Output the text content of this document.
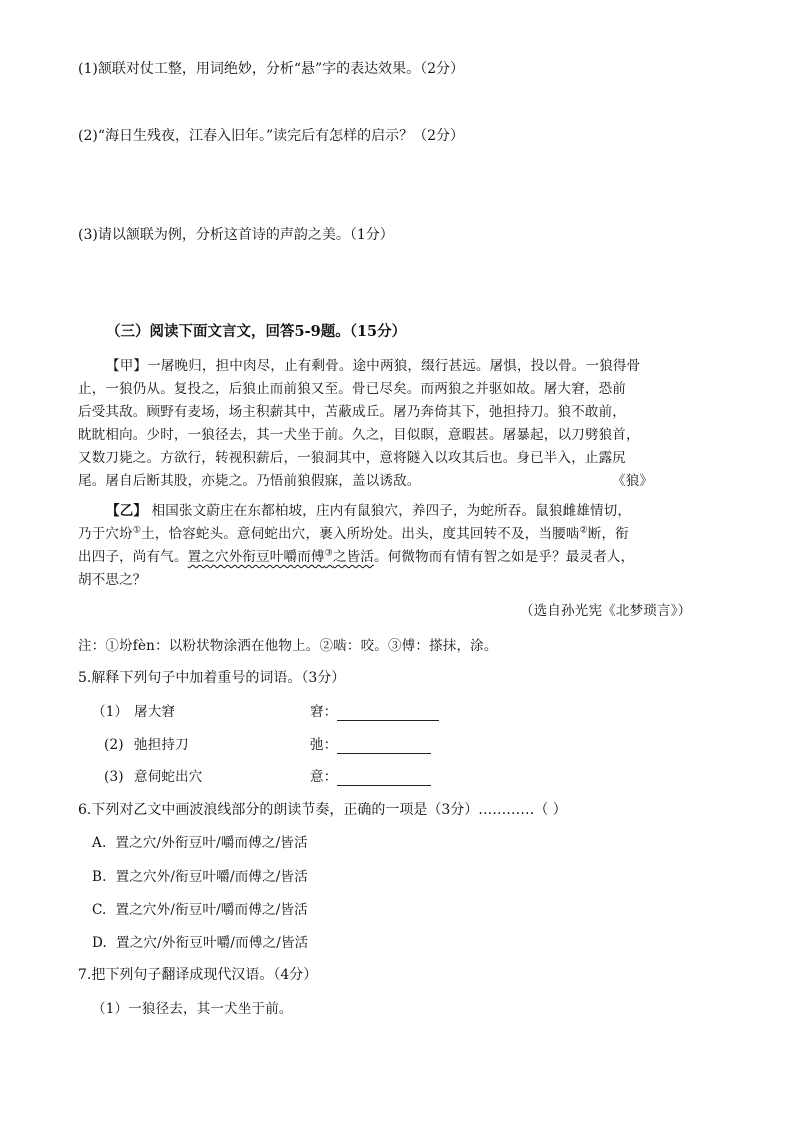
(1)颔联对仗工整，用词绝妙，分析“悬”字的表达效果。（2分）
(2)“海日生残夜，江春入旧年。”读完后有怎样的启示？（2分）
(3)请以颔联为例，分析这首诗的声韵之美。（1分）
（三）阅读下面文言文，回答5-9题。（15分）
【甲】一屠晚归，担中肉尽，止有剩骨。途中两狼，缀行甚远。屠惧，投以骨。一狼得骨
止，一狼仍从。复投之，后狼止而前狼又至。骨已尽矣。而两狼之并驱如故。屠大窘，恐前
后受其敌。顾野有麦场，场主积薪其中，苫蔽成丘。屠乃奔倚其下，弛担持刀。狼不敢前，
眈眈相向。少时，一狼径去，其一犬坐于前。久之，目似瞑，意暇甚。屠暴起，以刀劈狼首，
又数刀毙之。方欲行，转视积薪后，一狼洞其中，意将隧入以攻其后也。身已半入，止露尻
尾。屠自后断其股，亦毙之。乃悟前狼假寐，盖以诱敌。	《狼》
【乙】 相国张文蔚庄在东都柏坡，庄内有鼠狼穴，养四子，为蛇所吞。鼠狼雌雄情切，
乃于穴坋①土，恰容蛇头。意伺蛇出穴，裹入所坋处。出头，度其回转不及，当腰啮②断，衔
出四子，尚有气。置之穴外衔豆叶嚼而傅③之皆活。何微物而有情有智之如是乎？最灵者人，
胡不思之？
（选自孙光宪《北梦琐言》）
注：①坋fèn：以粉状物涂洒在他物上。②啮：咬。③傅：搽抹，涂。
5.解释下列句子中加着重号的词语。（3分）
（1） 屠大窘	窘：
(2) 弛担持刀	弛：
(3) 意伺蛇出穴	意：
6.下列对乙文中画波浪线部分的朗读节奏，正确的一项是（3分）…………（ ）
A. 置之穴/外衔豆叶/嚼而傅之/皆活
B. 置之穴外/衔豆叶嚼/而傅之/皆活
C. 置之穴外/衔豆叶/嚼而傅之/皆活
D. 置之穴/外衔豆叶嚼/而傅之/皆活
7.把下列句子翻译成现代汉语。（4分）
（1）一狼径去，其一犬坐于前。
